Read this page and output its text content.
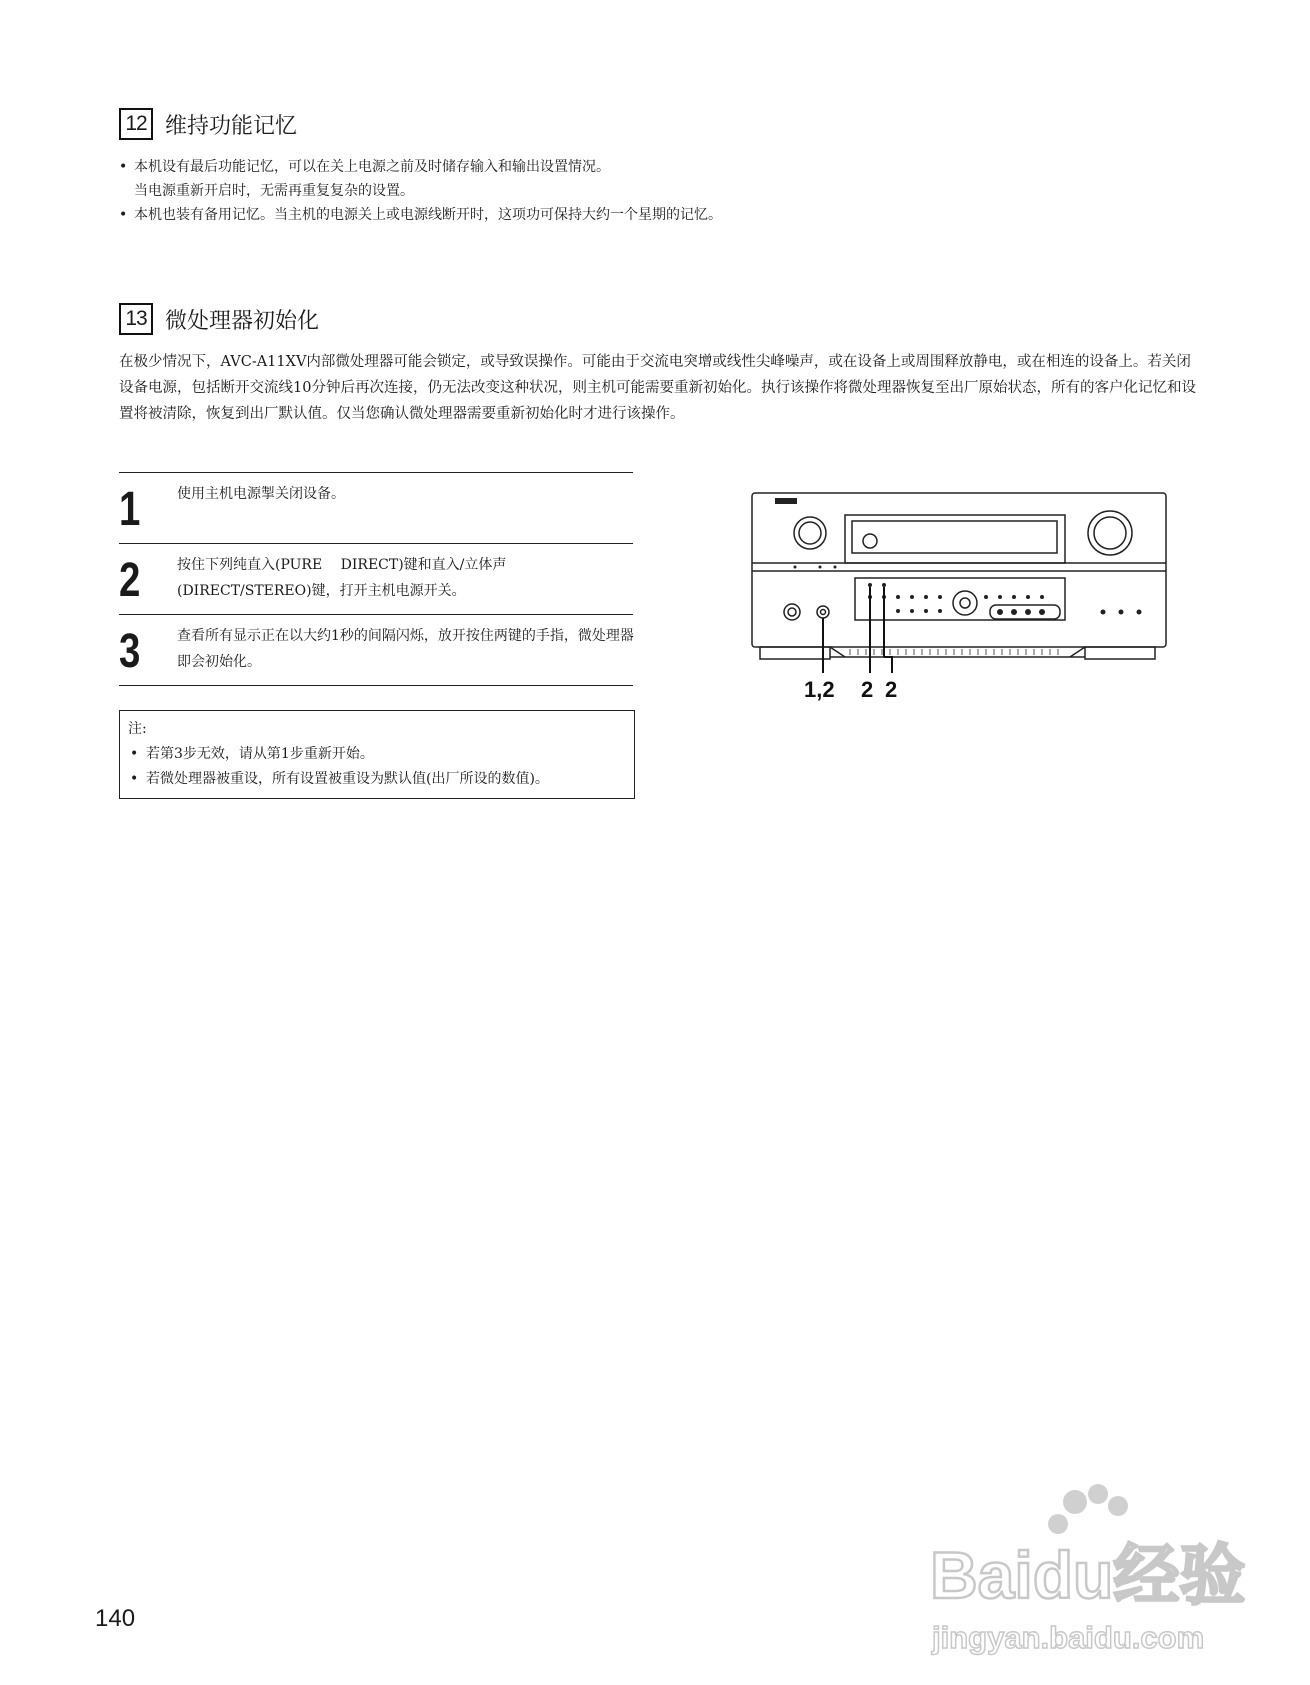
12 维持功能记忆
• 本机设有最后功能记忆，可以在关上电源之前及时储存输入和输出设置情况。
当电源重新开启时，无需再重复复杂的设置。
• 本机也装有备用记忆。当主机的电源关上或电源线断开时，这项功可保持大约一个星期的记忆。
13 微处理器初始化

在极少情况下，AVC-A11XV内部微处理器可能会锁定，或导致误操作。可能由于交流电突增或线性尖峰噪声，或在设备上或周围释放静电，或在相连的设备上。若关闭设备电源，包括断开交流线10分钟后再次连接，仍无法改变这种状况，则主机可能需要重新初始化。执行该操作将微处理器恢复至出厂原始状态，所有的客户化记忆和设置将被清除，恢复到出厂默认值。仅当您确认微处理器需要重新初始化时才进行该操作。

1	使用主机电源掣关闭设备。
2	按住下列纯直入(PURE　 DIRECT)键和直入/立体声(DIRECT/STEREO)键，打开主机电源开关。
3	查看所有显示正在以大约1秒的间隔闪烁，放开按住两键的手指，微处理器即会初始化。
注:
• 若第3步无效，请从第1步重新开始。
• 若微处理器被重设，所有设置被重设为默认值(出厂所设的数值)。
1,2 2 2
140
Baidu经验
jingyan.baidu.com
